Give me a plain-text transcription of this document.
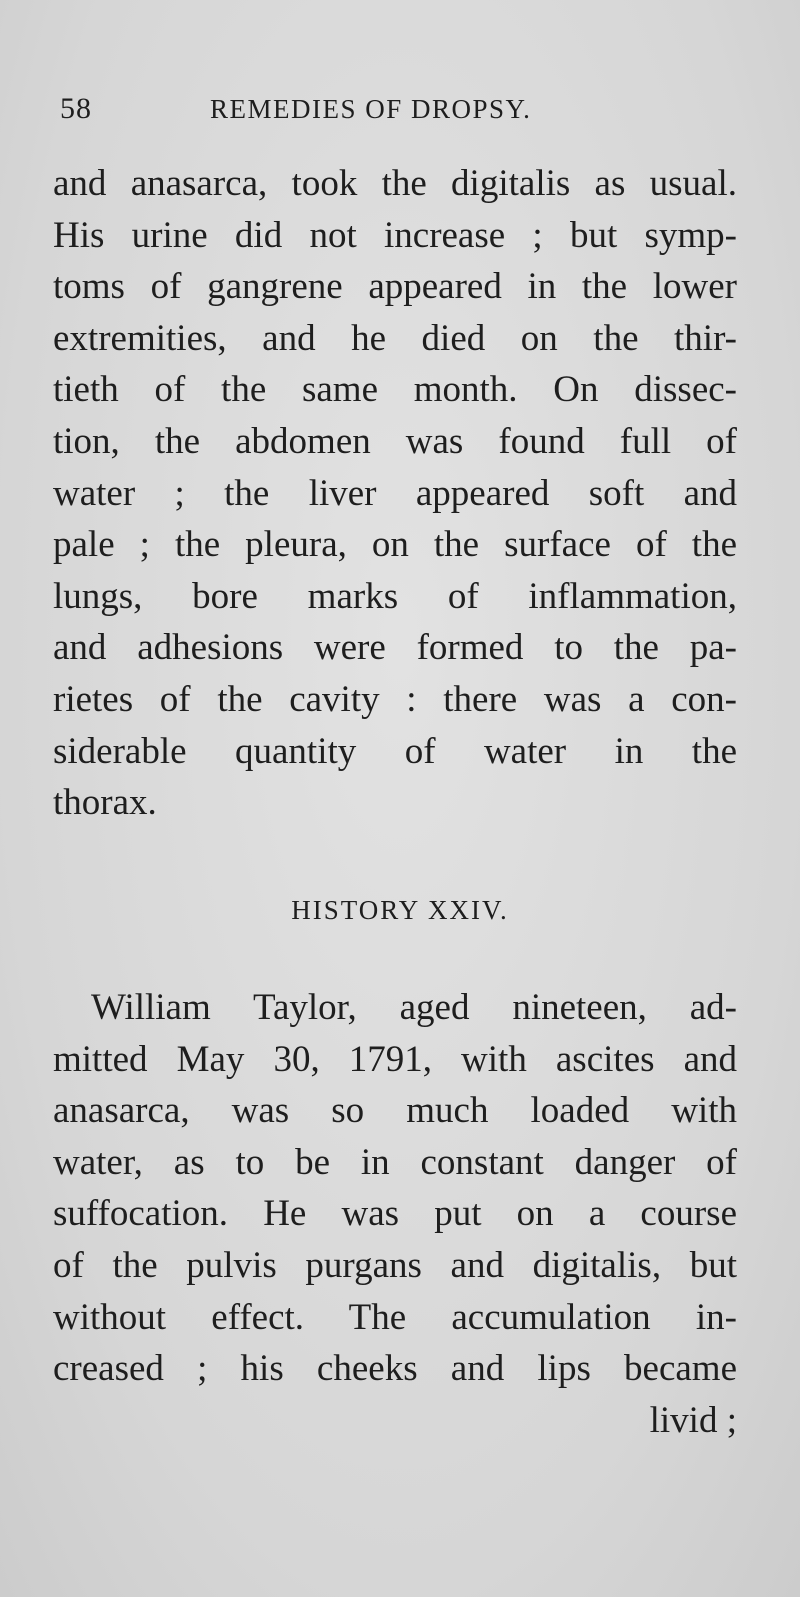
58	REMEDIES OF DROPSY.
and anasarca, took the digitalis as usual.
His urine did not increase ; but symp-
toms of gangrene appeared in the lower
extremities, and he died on the thir-
tieth of the same month. On dissec-
tion, the abdomen was found full of
water ; the liver appeared soft and
pale ; the pleura, on the surface of the
lungs, bore marks of inflammation,
and adhesions were formed to the pa-
rietes of the cavity : there was a con-
siderable quantity of water in the
thorax.
HISTORY XXIV.
William Taylor, aged nineteen, ad-
mitted May 30, 1791, with ascites and
anasarca, was so much loaded with
water, as to be in constant danger of
suffocation. He was put on a course
of the pulvis purgans and digitalis, but
without effect. The accumulation in-
creased ; his cheeks and lips became
livid ;
